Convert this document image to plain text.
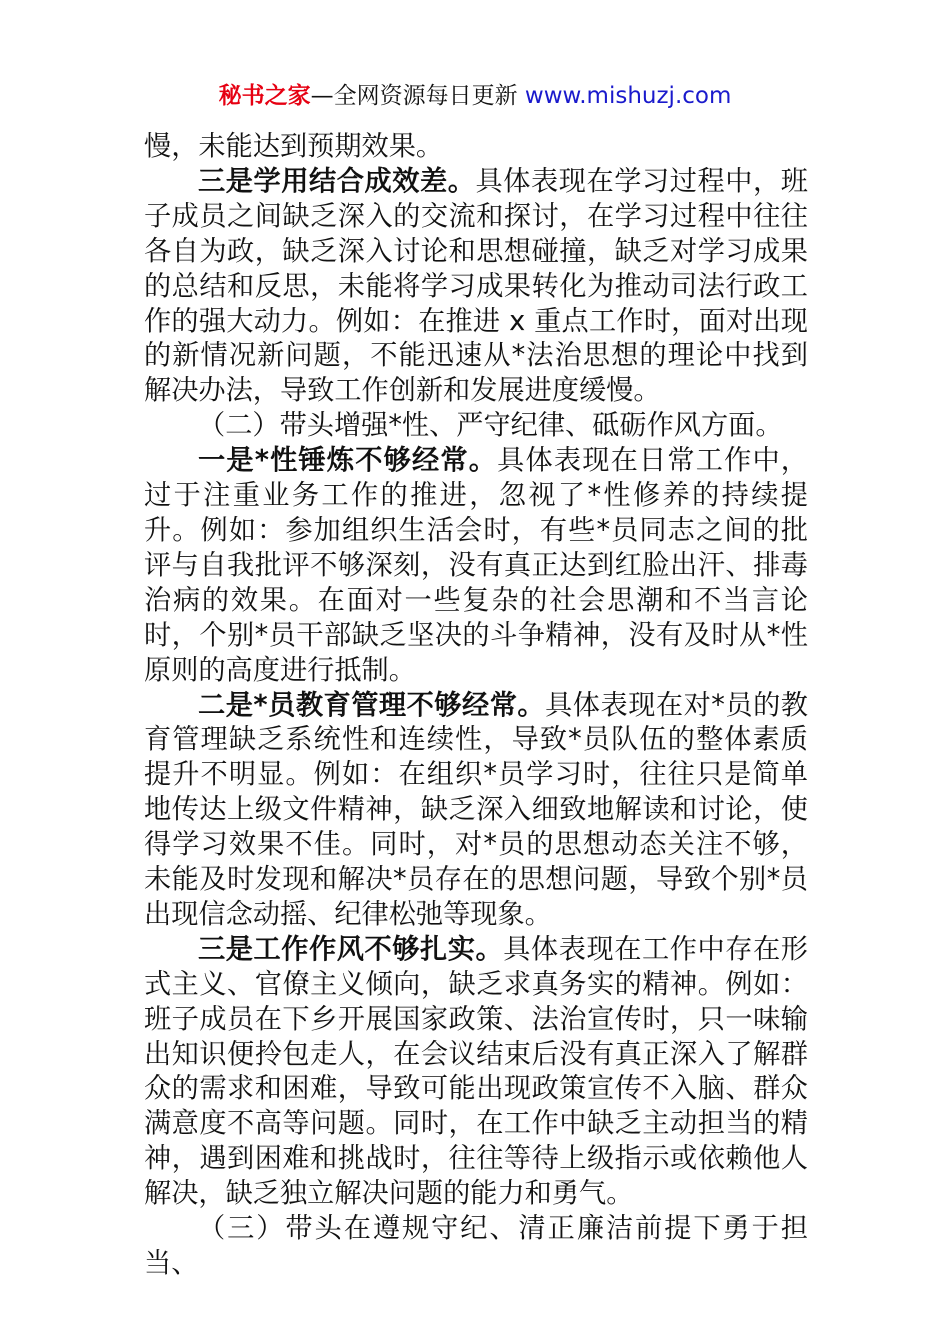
秘书之家—全网资源每日更新 www.mishuzj.com

慢，未能达到预期效果。

三是学用结合成效差。具体表现在学习过程中，班子成员之间缺乏深入的交流和探讨，在学习过程中往往各自为政，缺乏深入讨论和思想碰撞，缺乏对学习成果的总结和反思，未能将学习成果转化为推动司法行政工作的强大动力。例如：在推进 x 重点工作时，面对出现的新情况新问题，不能迅速从*法治思想的理论中找到解决办法，导致工作创新和发展进度缓慢。

（二）带头增强*性、严守纪律、砥砺作风方面。

一是*性锤炼不够经常。具体表现在日常工作中，过于注重业务工作的推进，忽视了*性修养的持续提升。例如：参加组织生活会时，有些*员同志之间的批评与自我批评不够深刻，没有真正达到红脸出汗、排毒治病的效果。在面对一些复杂的社会思潮和不当言论时，个别*员干部缺乏坚决的斗争精神，没有及时从*性原则的高度进行抵制。

二是*员教育管理不够经常。具体表现在对*员的教育管理缺乏系统性和连续性，导致*员队伍的整体素质提升不明显。例如：在组织*员学习时，往往只是简单地传达上级文件精神，缺乏深入细致地解读和讨论，使得学习效果不佳。同时，对*员的思想动态关注不够，未能及时发现和解决*员存在的思想问题，导致个别*员出现信念动摇、纪律松弛等现象。

三是工作作风不够扎实。具体表现在工作中存在形式主义、官僚主义倾向，缺乏求真务实的精神。例如：班子成员在下乡开展国家政策、法治宣传时，只一味输出知识便拎包走人，在会议结束后没有真正深入了解群众的需求和困难，导致可能出现政策宣传不入脑、群众满意度不高等问题。同时，在工作中缺乏主动担当的精神，遇到困难和挑战时，往往等待上级指示或依赖他人解决，缺乏独立解决问题的能力和勇气。

（三）带头在遵规守纪、清正廉洁前提下勇于担当、
